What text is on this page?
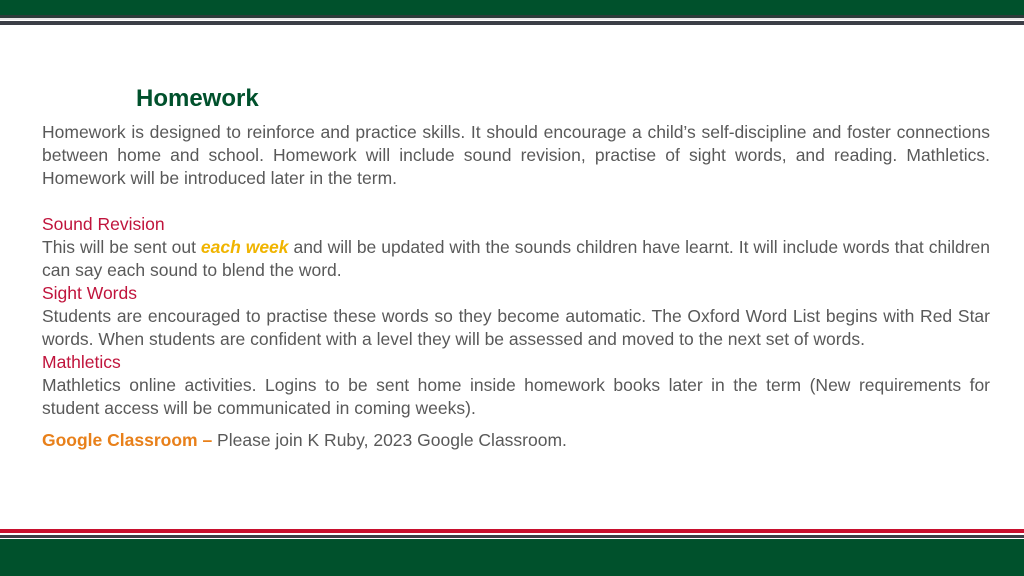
Homework

Homework is designed to reinforce and practice skills. It should encourage a child’s self-discipline and foster connections between home and school. Homework will include sound revision, practise of sight words, and reading. Mathletics. Homework will be introduced later in the term.

Sound Revision

This will be sent out each week and will be updated with the sounds children have learnt. It will include words that children can say each sound to blend the word.

Sight Words

Students are encouraged to practise these words so they become automatic. The Oxford Word List begins with Red Star words. When students are confident with a level they will be assessed and moved to the next set of words.

Mathletics

Mathletics online activities. Logins to be sent home inside homework books later in the term (New requirements for student access will be communicated in coming weeks).

Google Classroom – Please join K Ruby, 2023 Google Classroom.
